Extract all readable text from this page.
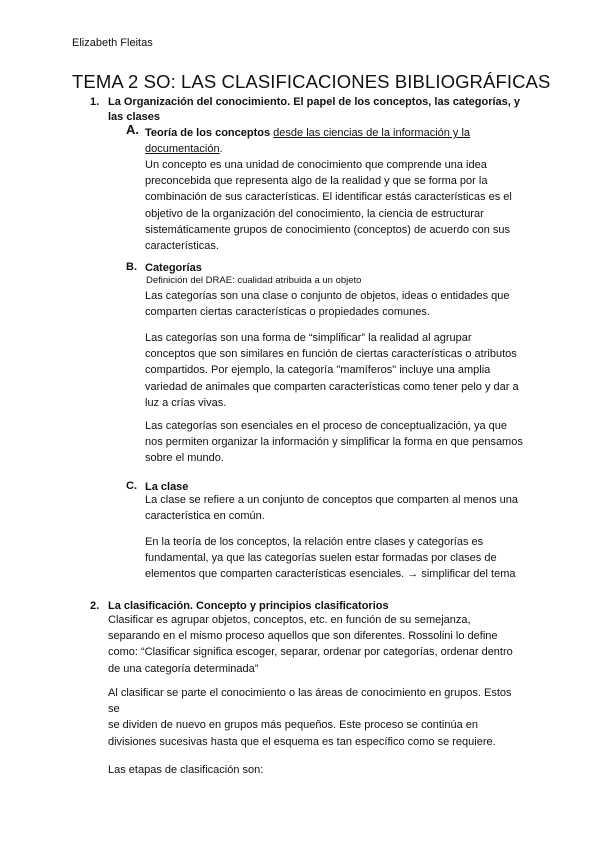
Elizabeth Fleitas
TEMA 2 SO: LAS CLASIFICACIONES BIBLIOGRÁFICAS
1. La Organización del conocimiento. El papel de los conceptos, las categorías, y
las clases
A. Teoría de los conceptos desde las ciencias de la información y la
documentación.
Un concepto es una unidad de conocimiento que comprende una idea
preconcebida que representa algo de la realidad y que se forma por la
combinación de sus características. El identificar estás características es el
objetivo de la organización del conocimiento, la ciencia de estructurar
sistemáticamente grupos de conocimiento (conceptos) de acuerdo con sus
características.
B. Categorías
Definición del DRAE: cualidad atribuida a un objeto
Las categorías son una clase o conjunto de objetos, ideas o entidades que
comparten ciertas características o propiedades comunes.
Las categorías son una forma de “simplificar” la realidad al agrupar
conceptos que son similares en función de ciertas características o atributos
compartidos. Por ejemplo, la categoría "mamíferos" incluye una amplia
variedad de animales que comparten características como tener pelo y dar a
luz a crías vivas.
Las categorías son esenciales en el proceso de conceptualización, ya que
nos permiten organizar la información y simplificar la forma en que pensamos
sobre el mundo.
C. La clase
La clase se refiere a un conjunto de conceptos que comparten al menos una
característica en común.
En la teoría de los conceptos, la relación entre clases y categorías es
fundamental, ya que las categorías suelen estar formadas por clases de
elementos que comparten características esenciales. → simplificar del tema
2. La clasificación. Concepto y principios clasificatorios
Clasificar es agrupar objetos, conceptos, etc. en función de su semejanza,
separando en el mismo proceso aquellos que son diferentes. Rossolini lo define
como: “Clasificar significa escoger, separar, ordenar por categorías, ordenar dentro
de una categoría determinada”
Al clasificar se parte el conocimiento o las áreas de conocimiento en grupos. Estos
se
se dividen de nuevo en grupos más pequeños. Este proceso se continúa en
divisiones sucesivas hasta que el esquema es tan específico como se requiere.
Las etapas de clasificación son:
